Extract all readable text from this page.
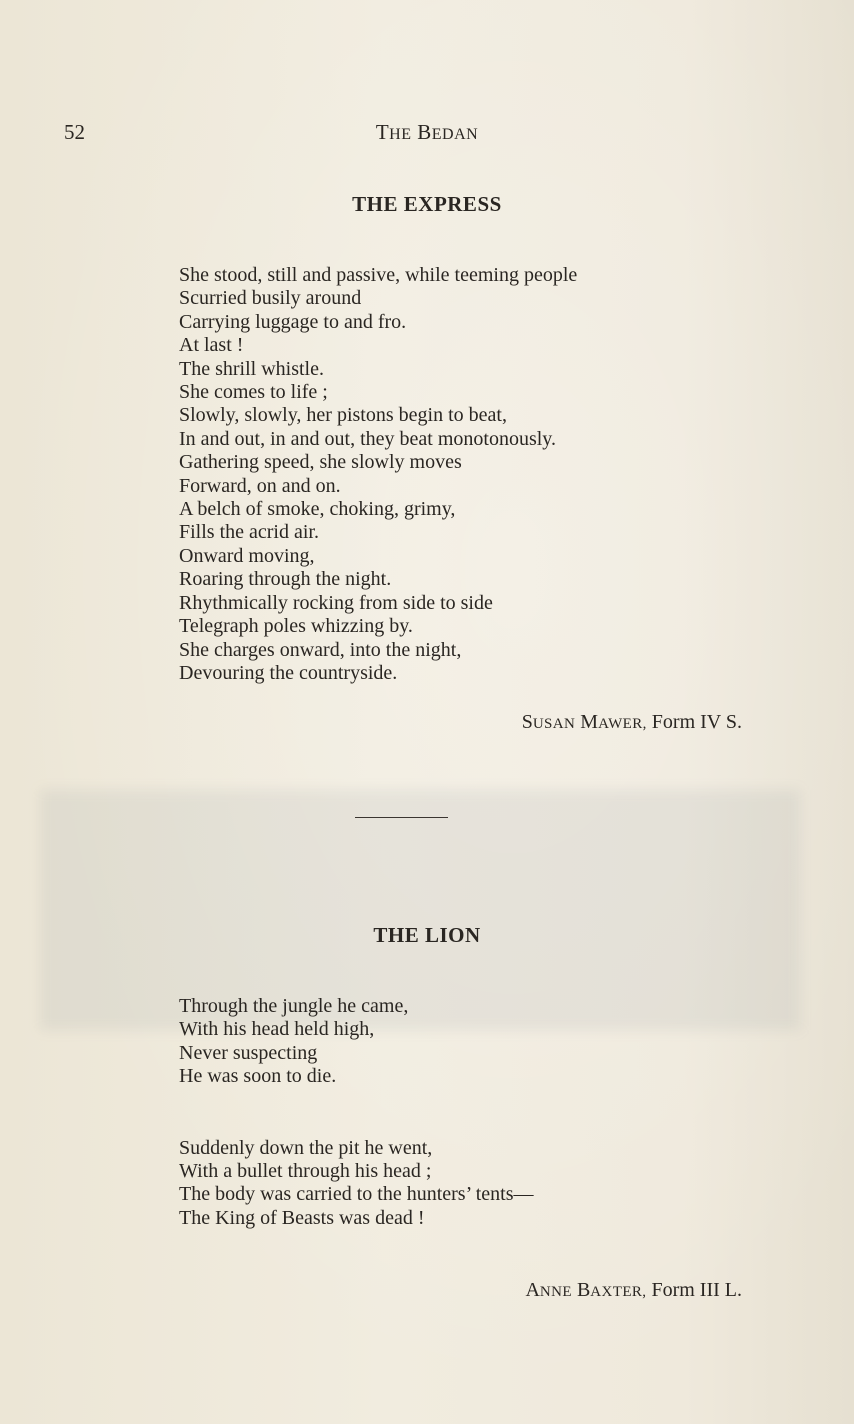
52	THE BEDAN
THE EXPRESS
She stood, still and passive, while teeming people
Scurried busily around
Carrying luggage to and fro.
At last !
The shrill whistle.
She comes to life ;
Slowly, slowly, her pistons begin to beat,
In and out, in and out, they beat monotonously.
Gathering speed, she slowly moves
Forward, on and on.
A belch of smoke, choking, grimy,
Fills the acrid air.
Onward moving,
Roaring through the night.
Rhythmically rocking from side to side
Telegraph poles whizzing by.
She charges onward, into the night,
Devouring the countryside.
SUSAN MAWER, Form IV S.
THE LION
Through the jungle he came,
With his head held high,
Never suspecting
He was soon to die.
Suddenly down the pit he went,
With a bullet through his head ;
The body was carried to the hunters’ tents—
The King of Beasts was dead !
ANNE BAXTER, Form III L.
